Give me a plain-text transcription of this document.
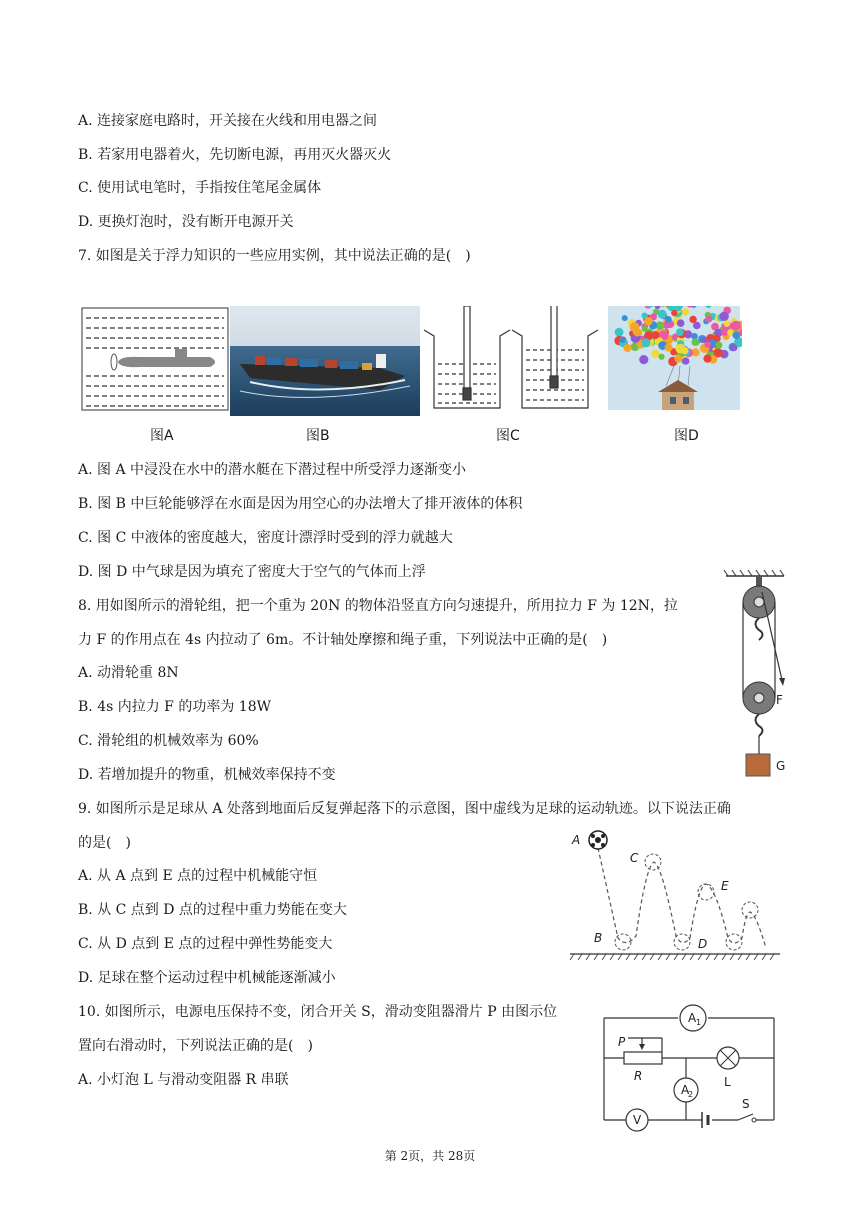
A. 连接家庭电路时，开关接在火线和用电器之间
B. 若家用电器着火，先切断电源，再用灭火器灭火
C. 使用试电笔时，手指按住笔尾金属体
D. 更换灯泡时，没有断开电源开关
7. 如图是关于浮力知识的一些应用实例，其中说法正确的是(　)
图A	图B	图C	图D
A. 图 A 中浸没在水中的潜水艇在下潜过程中所受浮力逐渐变小
B. 图 B 中巨轮能够浮在水面是因为用空心的办法增大了排开液体的体积
C. 图 C 中液体的密度越大，密度计漂浮时受到的浮力就越大
D. 图 D 中气球是因为填充了密度大于空气的气体而上浮
8. 用如图所示的滑轮组，把一个重为 20N 的物体沿竖直方向匀速提升，所用拉力 F 为 12N，拉
力 F 的作用点在 4s 内拉动了 6m。不计轴处摩擦和绳子重，下列说法中正确的是(　)
A. 动滑轮重 8N
B. 4s 内拉力 F 的功率为 18W
C. 滑轮组的机械效率为 60%
D. 若增加提升的物重，机械效率保持不变
F
G
9. 如图所示是足球从 A 处落到地面后反复弹起落下的示意图，图中虚线为足球的运动轨迹。以下说法正确
的是(　)
A. 从 A 点到 E 点的过程中机械能守恒
B. 从 C 点到 D 点的过程中重力势能在变大
C. 从 D 点到 E 点的过程中弹性势能变大
D. 足球在整个运动过程中机械能逐渐减小
A
B
C
D
E
10. 如图所示，电源电压保持不变，闭合开关 S，滑动变阻器滑片 P 由图示位
置向右滑动时，下列说法正确的是(　)
A. 小灯泡 L 与滑动变阻器 R 串联
A 1
A
2
P
R	L
V
S
第 2页，共 28页
